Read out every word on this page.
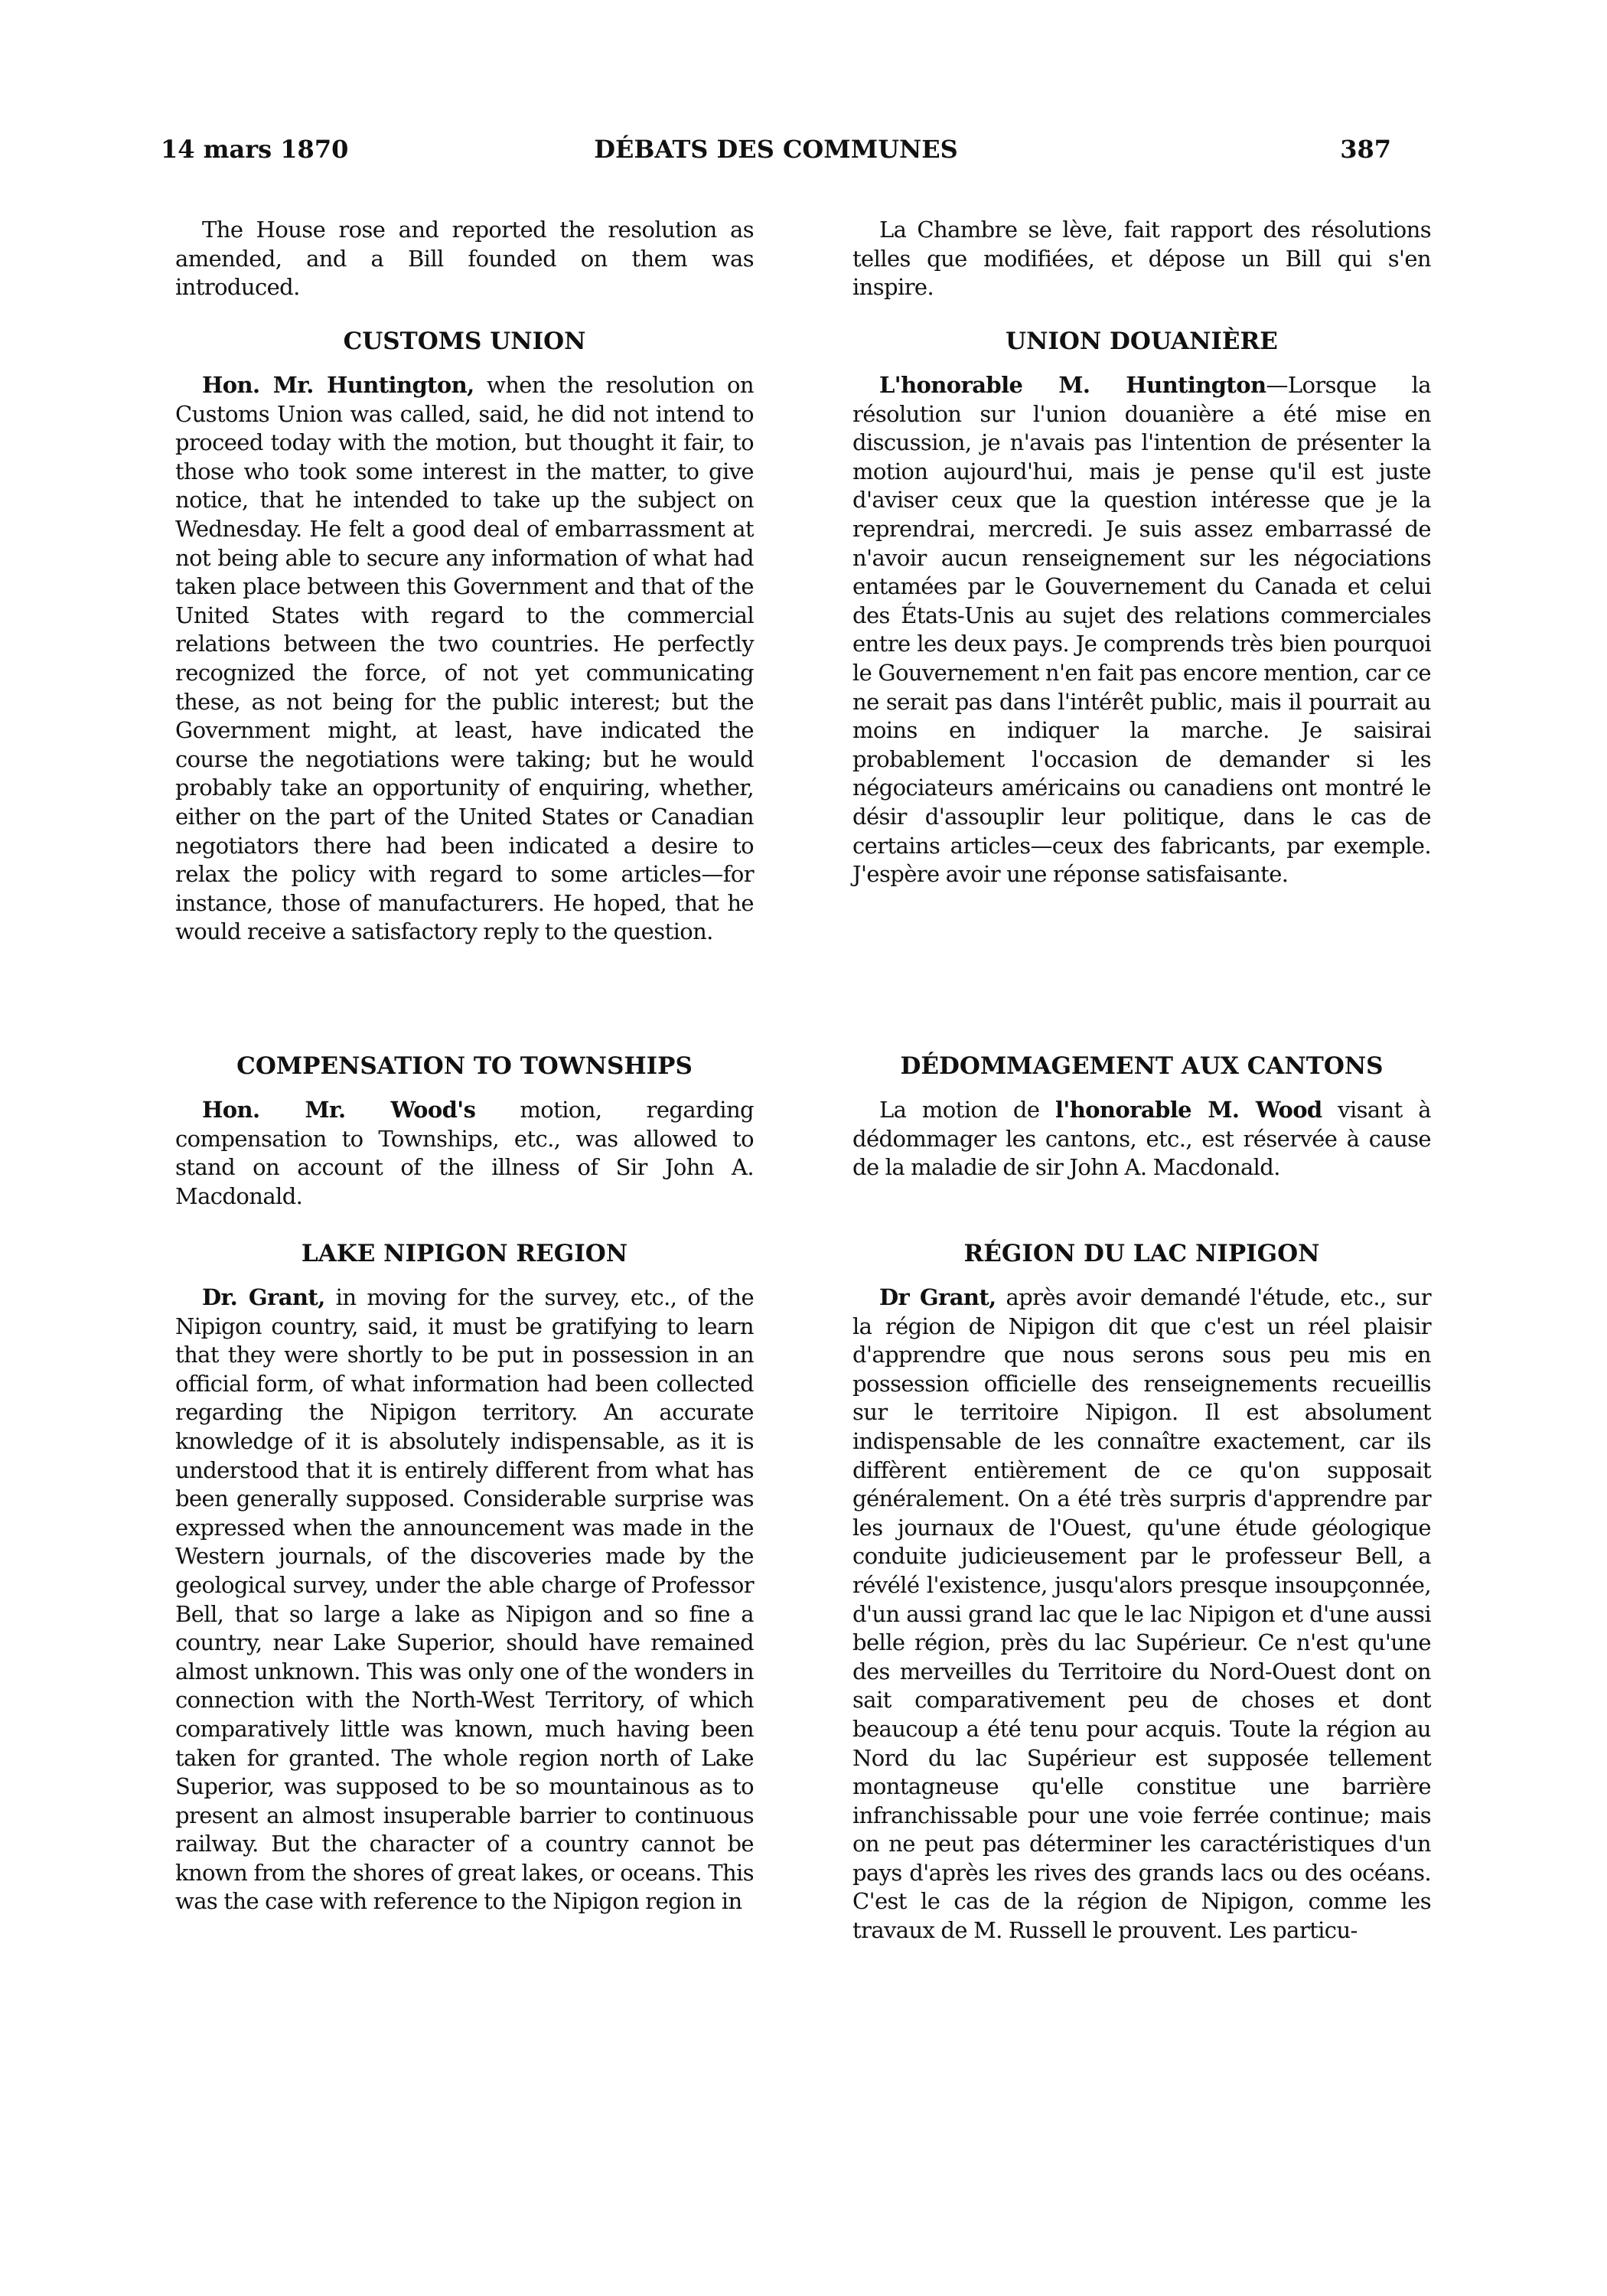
14 mars 1870	DÉBATS DES COMMUNES	387

The House rose and reported the resolution as amended, and a Bill founded on them was introduced.

CUSTOMS UNION

Hon. Mr. Huntington, when the resolution on Customs Union was called, said, he did not intend to proceed today with the motion, but thought it fair, to those who took some interest in the matter, to give notice, that he intended to take up the subject on Wednesday. He felt a good deal of embarrassment at not being able to secure any information of what had taken place between this Government and that of the United States with regard to the commercial relations between the two countries. He perfectly recognized the force, of not yet communicating these, as not being for the public interest; but the Government might, at least, have indicated the course the negotiations were taking; but he would probably take an opportunity of enquiring, whether, either on the part of the United States or Canadian negotiators there had been indicated a desire to relax the policy with regard to some articles—for instance, those of manufacturers. He hoped, that he would receive a satisfactory reply to the question.

COMPENSATION TO TOWNSHIPS

Hon. Mr. Wood's motion, regarding compensation to Townships, etc., was allowed to stand on account of the illness of Sir John A. Macdonald.

LAKE NIPIGON REGION

Dr. Grant, in moving for the survey, etc., of the Nipigon country, said, it must be gratifying to learn that they were shortly to be put in possession in an official form, of what information had been collected regarding the Nipigon territory. An accurate knowledge of it is absolutely indispensable, as it is understood that it is entirely different from what has been generally supposed. Considerable surprise was expressed when the announcement was made in the Western journals, of the discoveries made by the geological survey, under the able charge of Professor Bell, that so large a lake as Nipigon and so fine a country, near Lake Superior, should have remained almost unknown. This was only one of the wonders in connection with the North-West Territory, of which comparatively little was known, much having been taken for granted. The whole region north of Lake Superior, was supposed to be so mountainous as to present an almost insuperable barrier to continuous railway. But the character of a country cannot be known from the shores of great lakes, or oceans. This was the case with reference to the Nipigon region in

La Chambre se lève, fait rapport des résolutions telles que modifiées, et dépose un Bill qui s'en inspire.

UNION DOUANIÈRE

L'honorable M. Huntington—Lorsque la résolution sur l'union douanière a été mise en discussion, je n'avais pas l'intention de présenter la motion aujourd'hui, mais je pense qu'il est juste d'aviser ceux que la question intéresse que je la reprendrai, mercredi. Je suis assez embarrassé de n'avoir aucun renseignement sur les négociations entamées par le Gouvernement du Canada et celui des États-Unis au sujet des relations commerciales entre les deux pays. Je comprends très bien pourquoi le Gouvernement n'en fait pas encore mention, car ce ne serait pas dans l'intérêt public, mais il pourrait au moins en indiquer la marche. Je saisirai probablement l'occasion de demander si les négociateurs américains ou canadiens ont montré le désir d'assouplir leur politique, dans le cas de certains articles—ceux des fabricants, par exemple. J'espère avoir une réponse satisfaisante.

DÉDOMMAGEMENT AUX CANTONS

La motion de l'honorable M. Wood visant à dédommager les cantons, etc., est réservée à cause de la maladie de sir John A. Macdonald.

RÉGION DU LAC NIPIGON

Dr Grant, après avoir demandé l'étude, etc., sur la région de Nipigon dit que c'est un réel plaisir d'apprendre que nous serons sous peu mis en possession officielle des renseignements recueillis sur le territoire Nipigon. Il est absolument indispensable de les connaître exactement, car ils diffèrent entièrement de ce qu'on supposait généralement. On a été très surpris d'apprendre par les journaux de l'Ouest, qu'une étude géologique conduite judicieusement par le professeur Bell, a révélé l'existence, jusqu'alors presque insoupçonnée, d'un aussi grand lac que le lac Nipigon et d'une aussi belle région, près du lac Supérieur. Ce n'est qu'une des merveilles du Territoire du Nord-Ouest dont on sait comparativement peu de choses et dont beaucoup a été tenu pour acquis. Toute la région au Nord du lac Supérieur est supposée tellement montagneuse qu'elle constitue une barrière infranchissable pour une voie ferrée continue; mais on ne peut pas déterminer les caractéristiques d'un pays d'après les rives des grands lacs ou des océans. C'est le cas de la région de Nipigon, comme les travaux de M. Russell le prouvent. Les particu-
